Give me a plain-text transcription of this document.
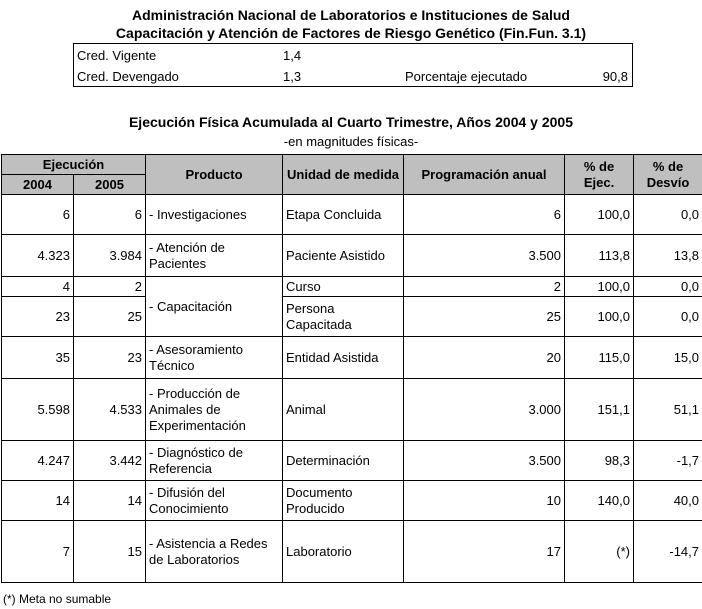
Administración Nacional de Laboratorios e Instituciones de Salud
Capacitación y Atención de Factores de Riesgo Genético (Fin.Fun. 3.1)
Cred. Vigente	1,4
Cred. Devengado	1,3	Porcentaje ejecutado	90,8
Ejecución Física Acumulada al Cuarto Trimestre, Años 2004 y 2005
-en magnitudes físicas-
Ejecución		Producto	Unidad de medida	Programación anual	% de Ejec.	% de Desvío
2004	2005					
6	6	- Investigaciones	Etapa Concluida	6	100,0	0,0
4.323	3.984	- Atención de Pacientes	Paciente Asistido	3.500	113,8	13,8
4	2	- Capacitación	Curso	2	100,0	0,0
23	25		Persona Capacitada	25	100,0	0,0
35	23	- Asesoramiento Técnico	Entidad Asistida	20	115,0	15,0
5.598	4.533	- Producción de Animales de Experimentación	Animal	3.000	151,1	51,1
4.247	3.442	- Diagnóstico de Referencia	Determinación	3.500	98,3	-1,7
14	14	- Difusión del Conocimiento	Documento Producido	10	140,0	40,0
7	15	- Asistencia a Redes de Laboratorios	Laboratorio	17	(*)	-14,7
(*) Meta no sumable
